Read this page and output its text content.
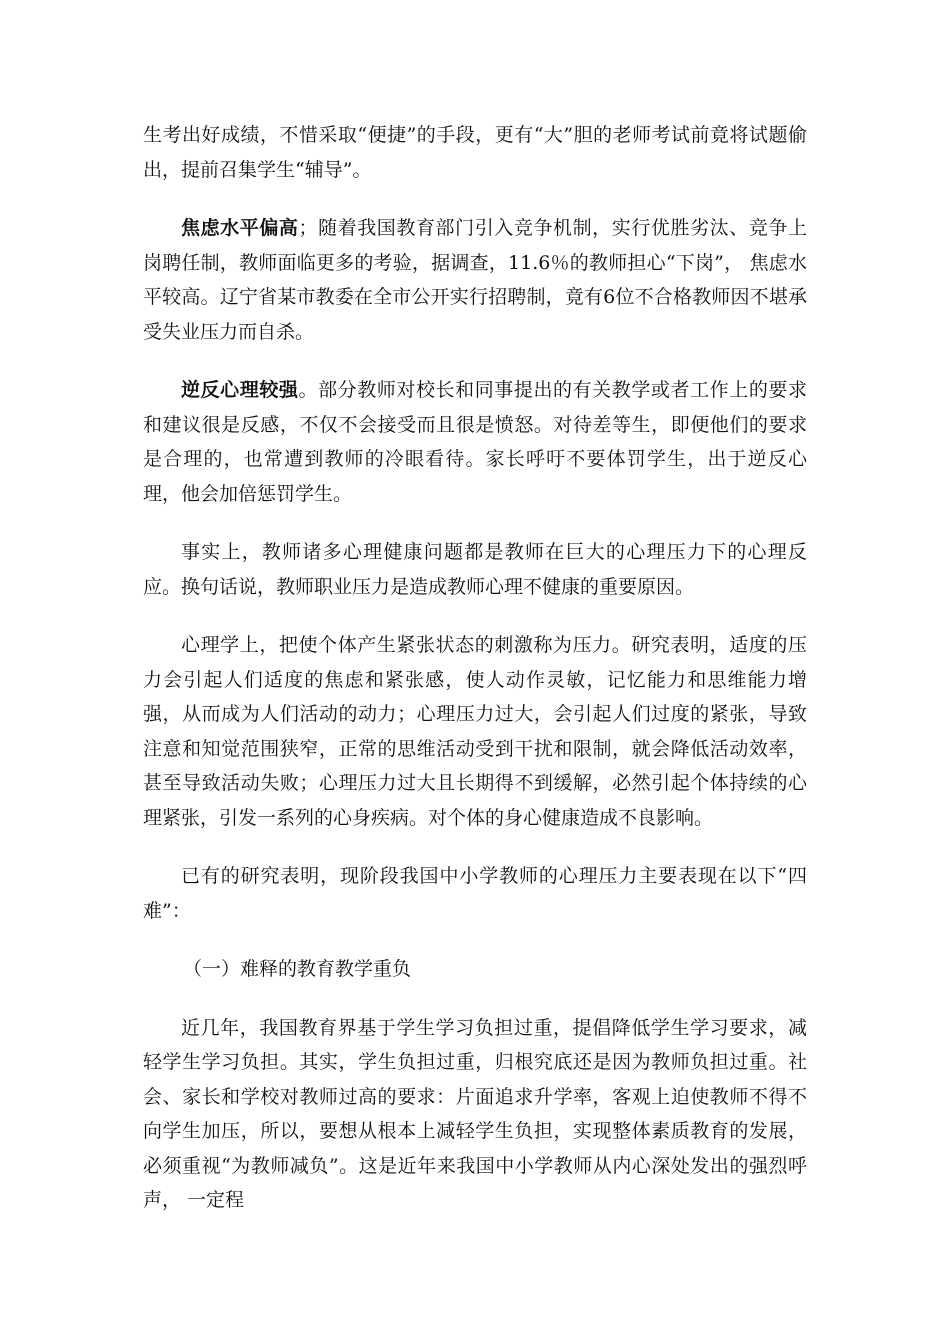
生考出好成绩，不惜采取“便捷”的手段，更有“大”胆的老师考试前竟将试题偷出，提前召集学生“辅导”。

焦虑水平偏高；随着我国教育部门引入竞争机制，实行优胜劣汰、竞争上岗聘任制，教师面临更多的考验，据调查，11.6％的教师担心“下岗”， 焦虑水平较高。辽宁省某市教委在全市公开实行招聘制，竟有6位不合格教师因不堪承受失业压力而自杀。

逆反心理较强。部分教师对校长和同事提出的有关教学或者工作上的要求和建议很是反感，不仅不会接受而且很是愤怒。对待差等生，即便他们的要求是合理的，也常遭到教师的冷眼看待。家长呼吁不要体罚学生，出于逆反心理，他会加倍惩罚学生。

事实上，教师诸多心理健康问题都是教师在巨大的心理压力下的心理反应。换句话说，教师职业压力是造成教师心理不健康的重要原因。

心理学上，把使个体产生紧张状态的刺激称为压力。研究表明，适度的压力会引起人们适度的焦虑和紧张感，使人动作灵敏，记忆能力和思维能力增强，从而成为人们活动的动力；心理压力过大，会引起人们过度的紧张，导致注意和知觉范围狭窄，正常的思维活动受到干扰和限制，就会降低活动效率，甚至导致活动失败；心理压力过大且长期得不到缓解，必然引起个体持续的心理紧张，引发一系列的心身疾病。对个体的身心健康造成不良影响。

已有的研究表明，现阶段我国中小学教师的心理压力主要表现在以下“四难”：

（一）难释的教育教学重负

近几年，我国教育界基于学生学习负担过重，提倡降低学生学习要求，减轻学生学习负担。其实，学生负担过重，归根究底还是因为教师负担过重。社会、家长和学校对教师过高的要求：片面追求升学率，客观上迫使教师不得不向学生加压，所以，要想从根本上减轻学生负担，实现整体素质教育的发展，必须重视“为教师减负”。这是近年来我国中小学教师从内心深处发出的强烈呼声， 一定程
